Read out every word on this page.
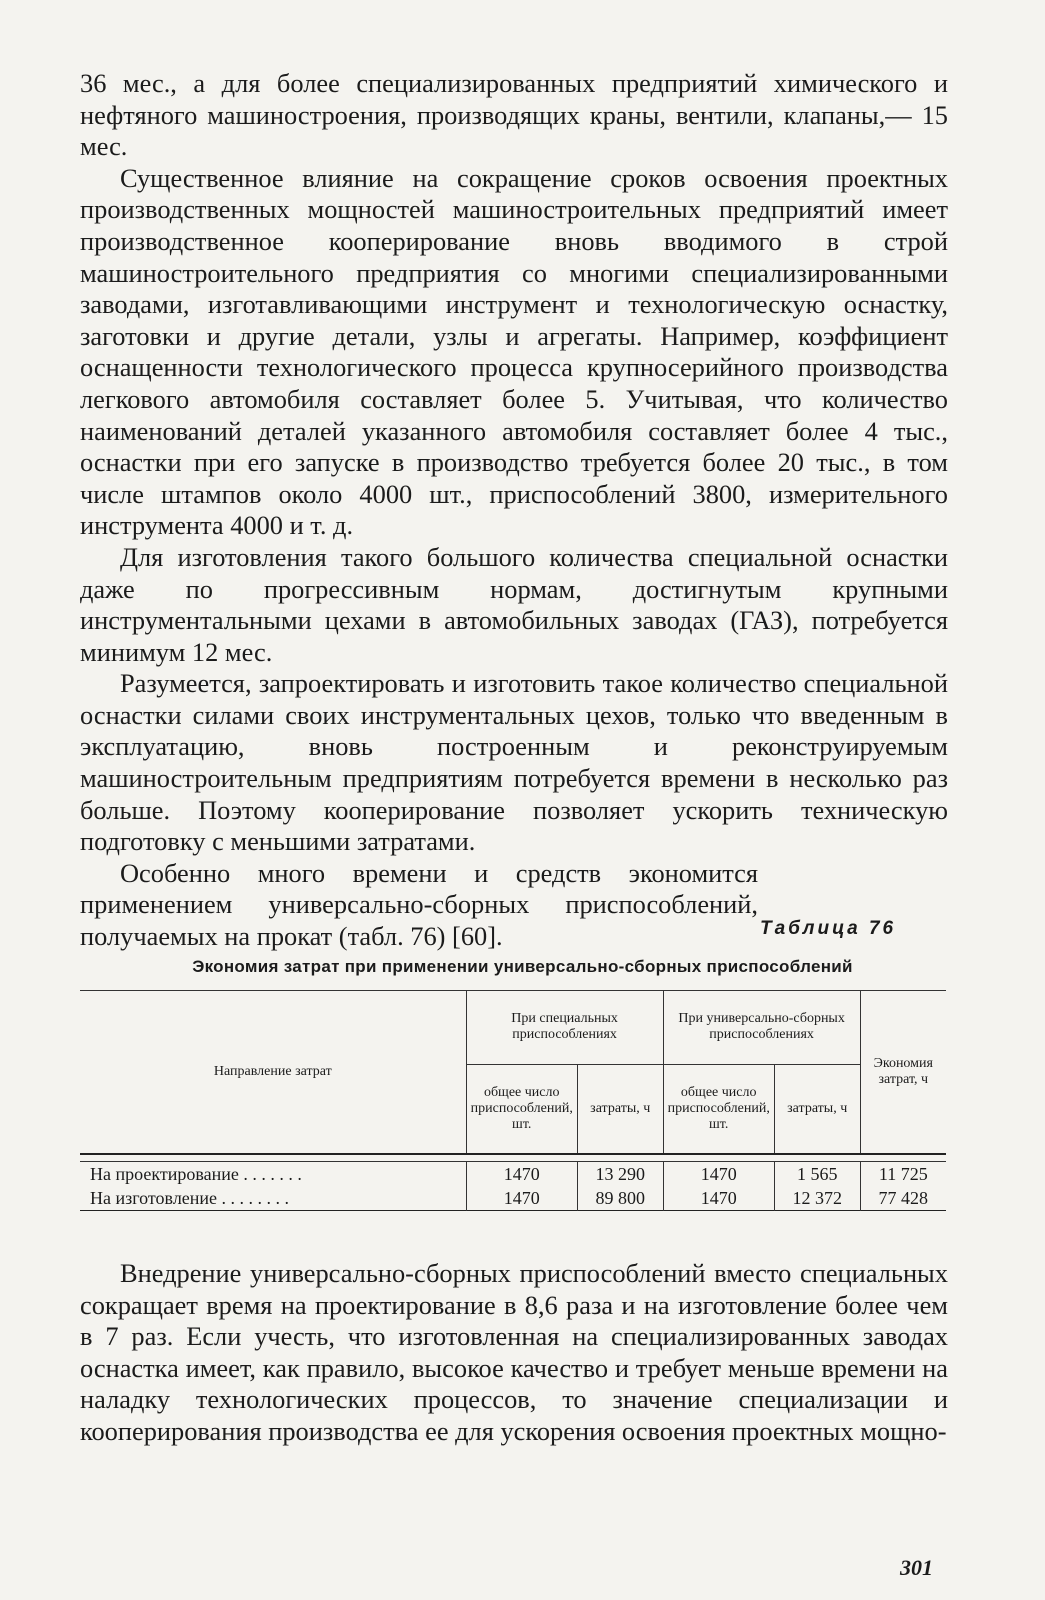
36 мес., а для более специализированных предприятий химического и нефтяного машиностроения, производящих краны, вентили, клапаны,— 15 мес.

Существенное влияние на сокращение сроков освоения проектных производственных мощностей машиностроительных предприятий имеет производственное кооперирование вновь вводимого в строй машиностроительного предприятия со многими специализированными заводами, изготавливающими инструмент и технологическую оснастку, заготовки и другие детали, узлы и агрегаты. Например, коэффициент оснащенности технологического процесса крупносерийного производства легкового автомобиля составляет более 5. Учитывая, что количество наименований деталей указанного автомобиля составляет более 4 тыс., оснастки при его запуске в производство требуется более 20 тыс., в том числе штампов около 4000 шт., приспособлений 3800, измерительного инструмента 4000 и т. д.

Для изготовления такого большого количества специальной оснастки даже по прогрессивным нормам, достигнутым крупными инструментальными цехами в автомобильных заводах (ГАЗ), потребуется минимум 12 мес.

Разумеется, запроектировать и изготовить такое количество специальной оснастки силами своих инструментальных цехов, только что введенным в эксплуатацию, вновь построенным и реконструируемым машиностроительным предприятиям потребуется времени в несколько раз больше. Поэтому кооперирование позволяет ускорить техническую подготовку с меньшими затратами.

Особенно много времени и средств экономится применением универсально-сборных приспособлений, получаемых на прокат (табл. 76) [60].	Таблица 76
Экономия затрат при применении универсально-сборных приспособлений
Направление затрат	При специальных приспособлениях		При универсально-сборных приспособлениях		Экономия затрат, ч
	общее число приспособлений, шт.	затраты, ч	общее число приспособлений, шт.	затраты, ч	

На проектирование . . . . . . .	1470	13 290	1470	1 565	11 725
На изготовление . . . . . . . .	1470	89 800	1470	12 372	77 428

Внедрение универсально-сборных приспособлений вместо специальных сокращает время на проектирование в 8,6 раза и на изготовление более чем в 7 раз. Если учесть, что изготовленная на специализированных заводах оснастка имеет, как правило, высокое качество и требует меньше времени на наладку технологических процессов, то значение специализации и кооперирования производства ее для ускорения освоения проектных мощно-

301
